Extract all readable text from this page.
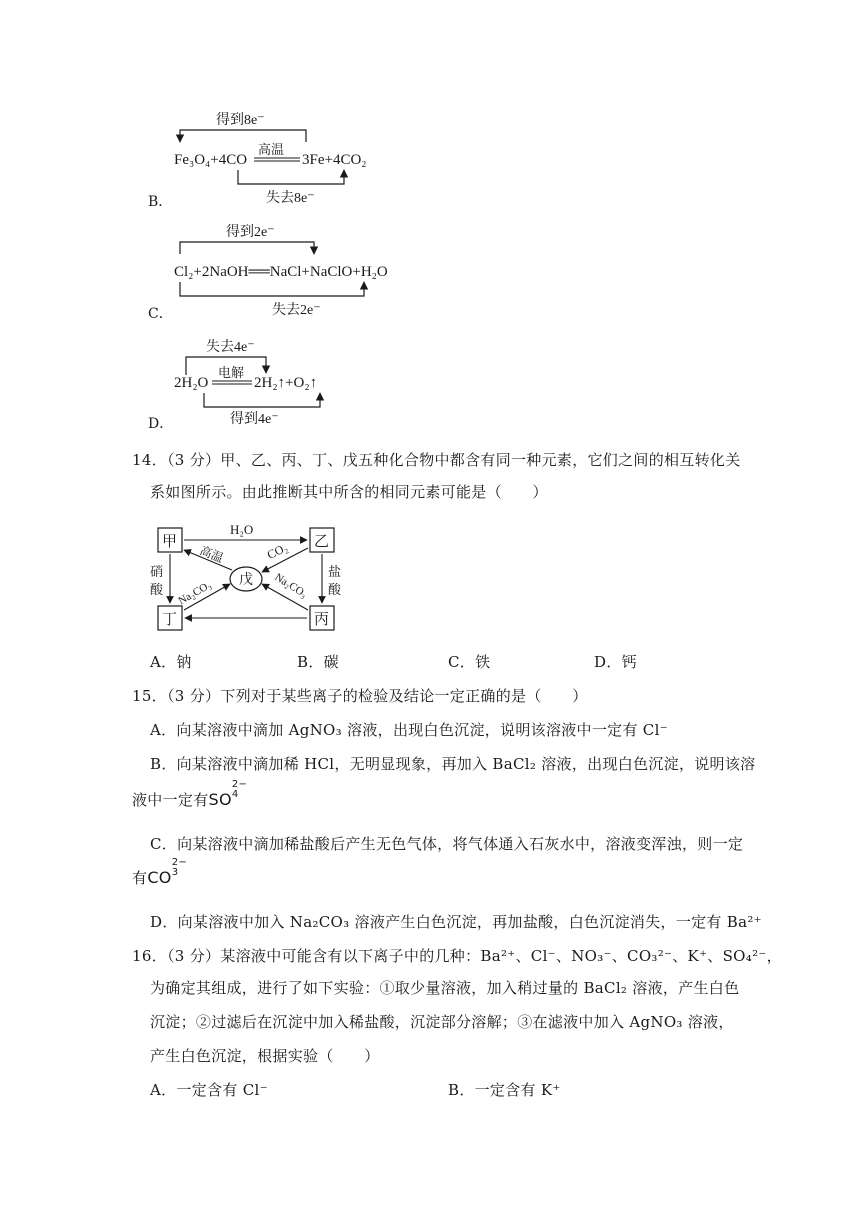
B．
得到8e⁻
Fe₃O₄+4CO
高温
3Fe+4CO₂
失去8e⁻
C．
得到2e⁻
Cl₂+2NaOH══NaCl+NaClO+H₂O
失去2e⁻
D．
失去4e⁻
2H₂O
电解
2H₂↑+O₂↑
得到4e⁻
14．（3 分）甲、乙、丙、丁、戊五种化合物中都含有同一种元素，它们之间的相互转化关
系如图所示。由此推断其中所含的相同元素可能是（　　）
甲	乙
丁	丙
戊
H₂O
硝
酸
盐
酸
高温	CO₂
Na₂CO₃	Na₂CO₃
A．钠	B．碳	C．铁	D．钙
15．（3 分）下列对于某些离子的检验及结论一定正确的是（　　）
A．向某溶液中滴加 AgNO₃ 溶液，出现白色沉淀，说明该溶液中一定有 Cl⁻
B．向某溶液中滴加稀 HCl，无明显现象，再加入 BaCl₂ 溶液，出现白色沉淀，说明该溶
液中一定有SO2−
4
C．向某溶液中滴加稀盐酸后产生无色气体，将气体通入石灰水中，溶液变浑浊，则一定
有CO2−
3
D．向某溶液中加入 Na₂CO₃ 溶液产生白色沉淀，再加盐酸，白色沉淀消失，一定有 Ba²⁺
16．（3 分）某溶液中可能含有以下离子中的几种：Ba²⁺、Cl⁻、NO₃⁻、CO₃²⁻、K⁺、SO₄²⁻，
为确定其组成，进行了如下实验：①取少量溶液，加入稍过量的 BaCl₂ 溶液，产生白色
沉淀；②过滤后在沉淀中加入稀盐酸，沉淀部分溶解；③在滤液中加入 AgNO₃ 溶液，
产生白色沉淀，根据实验（　　）
A．一定含有 Cl⁻	B．一定含有 K⁺
